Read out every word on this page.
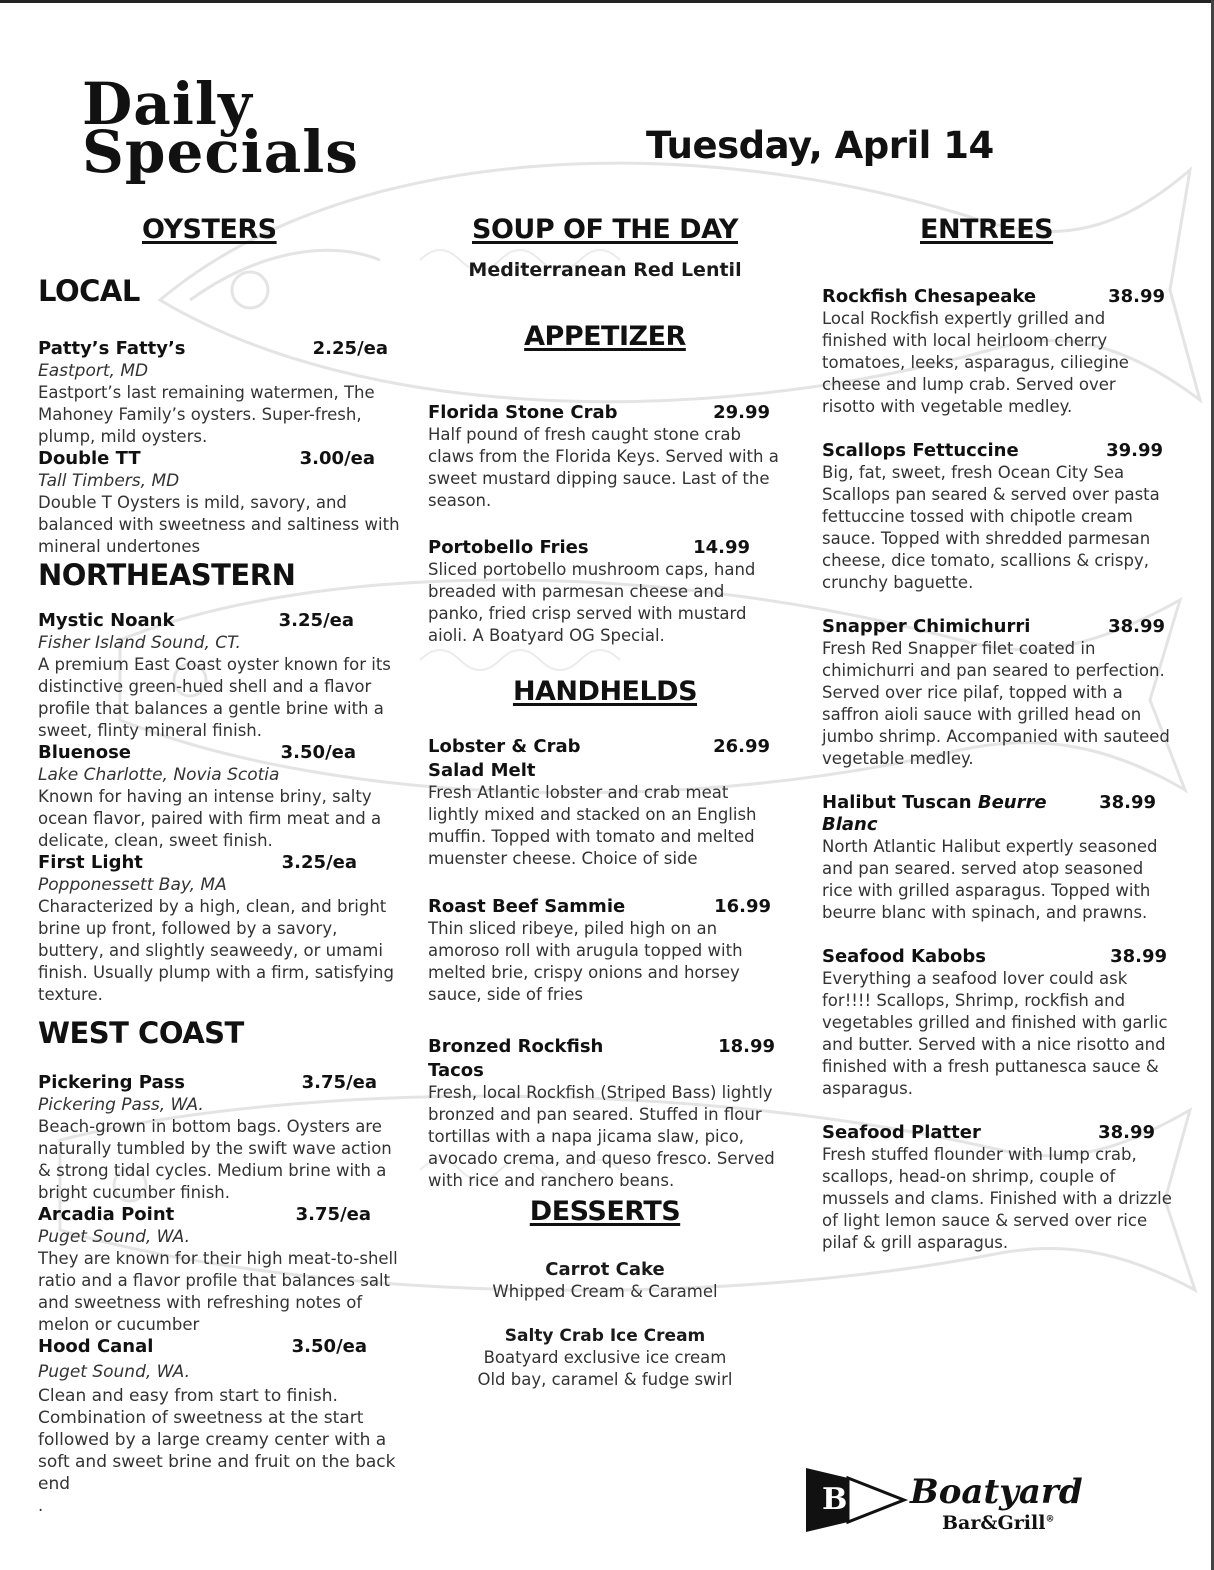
Daily
Specials	Tuesday, April 14
OYSTERS
LOCAL
Patty’s Fatty’s	2.25/ea
Eastport, MD
Eastport’s last remaining watermen, The Mahoney Family’s oysters. Super-fresh, plump, mild oysters.
Double TT	3.00/ea
Tall Timbers, MD
Double T Oysters is mild, savory, and balanced with sweetness and saltiness with mineral undertones
NORTHEASTERN
Mystic Noank	3.25/ea
Fisher Island Sound, CT.
A premium East Coast oyster known for its distinctive green-hued shell and a flavor profile that balances a gentle brine with a sweet, flinty mineral finish.
Bluenose	3.50/ea
Lake Charlotte, Novia Scotia
Known for having an intense briny, salty ocean flavor, paired with firm meat and a delicate, clean, sweet finish.
First Light	3.25/ea
Popponessett Bay, MA
Characterized by a high, clean, and bright brine up front, followed by a savory, buttery, and slightly seaweedy, or umami finish. Usually plump with a firm, satisfying texture.
WEST COAST
Pickering Pass	3.75/ea
Pickering Pass, WA.
Beach-grown in bottom bags. Oysters are naturally tumbled by the swift wave action & strong tidal cycles. Medium brine with a bright cucumber finish.
Arcadia Point	3.75/ea
Puget Sound, WA.
They are known for their high meat-to-shell ratio and a flavor profile that balances salt and sweetness with refreshing notes of melon or cucumber
Hood Canal	3.50/ea
Puget Sound, WA.
Clean and easy from start to finish. Combination of sweetness at the start followed by a large creamy center with a soft and sweet brine and fruit on the back end
.
SOUP OF THE DAY
Mediterranean Red Lentil
APPETIZER
Florida Stone Crab	29.99
Half pound of fresh caught stone crab claws from the Florida Keys. Served with a sweet mustard dipping sauce. Last of the season.
Portobello Fries	14.99
Sliced portobello mushroom caps, hand breaded with parmesan cheese and panko, fried crisp served with mustard aioli. A Boatyard OG Special.
HANDHELDS
Lobster & Crab	26.99
Salad Melt
Fresh Atlantic lobster and crab meat lightly mixed and stacked on an English muffin. Topped with tomato and melted muenster cheese. Choice of side
Roast Beef Sammie	16.99
Thin sliced ribeye, piled high on an amoroso roll with arugula topped with melted brie, crispy onions and horsey sauce, side of fries
Bronzed Rockfish	18.99
Tacos
Fresh, local Rockfish (Striped Bass) lightly bronzed and pan seared. Stuffed in flour tortillas with a napa jicama slaw, pico, avocado crema, and queso fresco. Served with rice and ranchero beans.
DESSERTS
Carrot Cake
Whipped Cream & Caramel
Salty Crab Ice Cream
Boatyard exclusive ice cream
Old bay, caramel & fudge swirl
ENTREES
Rockfish Chesapeake	38.99
Local Rockfish expertly grilled and finished with local heirloom cherry tomatoes, leeks, asparagus, ciliegine cheese and lump crab. Served over risotto with vegetable medley.
Scallops Fettuccine	39.99
Big, fat, sweet, fresh Ocean City Sea Scallops pan seared & served over pasta fettuccine tossed with chipotle cream sauce. Topped with shredded parmesan cheese, dice tomato, scallions & crispy, crunchy baguette.
Snapper Chimichurri	38.99
Fresh Red Snapper filet coated in chimichurri and pan seared to perfection. Served over rice pilaf, topped with a saffron aioli sauce with grilled head on jumbo shrimp. Accompanied with sauteed vegetable medley.
Halibut Tuscan Beurre Blanc
38.99
North Atlantic Halibut expertly seasoned and pan seared. served atop seasoned rice with grilled asparagus. Topped with beurre blanc with spinach, and prawns.
Seafood Kabobs	38.99
Everything a seafood lover could ask for!!!! Scallops, Shrimp, rockfish and vegetables grilled and finished with garlic and butter. Served with a nice risotto and finished with a fresh puttanesca sauce & asparagus.
Seafood Platter	38.99
Fresh stuffed flounder with lump crab, scallops, head-on shrimp, couple of mussels and clams. Finished with a drizzle of light lemon sauce & served over rice pilaf & grill asparagus.
B Boatyard
Bar&Grill®
